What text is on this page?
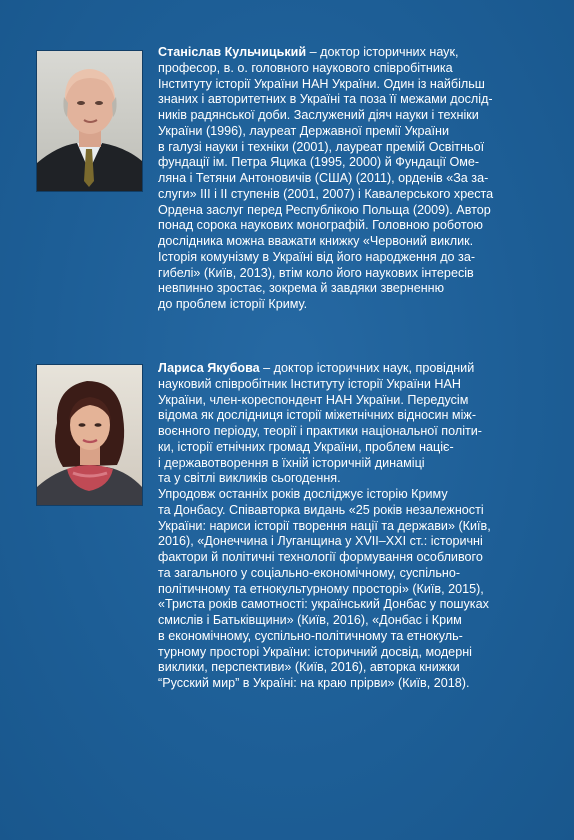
Станіслав Кульчицький – доктор історичних наук,
професор, в. о. головного наукового співробітника
Інституту історії України НАН України. Один із найбільш
знаних і авторитетних в Україні та поза її межами дослід-
ників радянської доби. Заслужений діяч науки і техніки
України (1996), лауреат Державної премії України
в галузі науки і техніки (2001), лауреат премій Освітньої
фундації ім. Петра Яцика (1995, 2000) й Фундації Оме-
ляна і Тетяни Антоновичів (США) (2011), орденів «За за-
слуги» III і II ступенів (2001, 2007) і Кавалерського хреста
Ордена заслуг перед Республікою Польща (2009). Автор
понад сорока наукових монографій. Головною роботою
дослідника можна вважати книжку «Червоний виклик.
Історія комунізму в Україні від його народження до за-
гибелі» (Київ, 2013), втім коло його наукових інтересів
невпинно зростає, зокрема й завдяки зверненню
до проблем історії Криму.
Лариса Якубова – доктор історичних наук, провідний
науковий співробітник Інституту історії України НАН
України, член-кореспондент НАН України. Передусім
відома як дослідниця історії міжетнічних відносин між-
воєнного періоду, теорії і практики національної політи-
ки, історії етнічних громад України, проблем націє-
і державотворення в їхній історичній динаміці
та у світлі викликів сьогодення.
Упродовж останніх років досліджує історію Криму
та Донбасу. Співавторка видань «25 років незалежності
України: нариси історії творення нації та держави» (Київ,
2016), «Донеччина і Луганщина у XVII–XXI ст.: історичні
фактори й політичні технології формування особливого
та загального у соціально-економічному, суспільно-
політичному та етнокультурному просторі» (Київ, 2015),
«Триста років самотності: український Донбас у пошуках
смислів і Батьківщини» (Київ, 2016), «Донбас і Крим
в економічному, суспільно-політичному та етнокуль-
турному просторі України: історичний досвід, модерні
виклики, перспективи» (Київ, 2016), авторка книжки
“Русский мир” в Україні: на краю прірви» (Київ, 2018).
